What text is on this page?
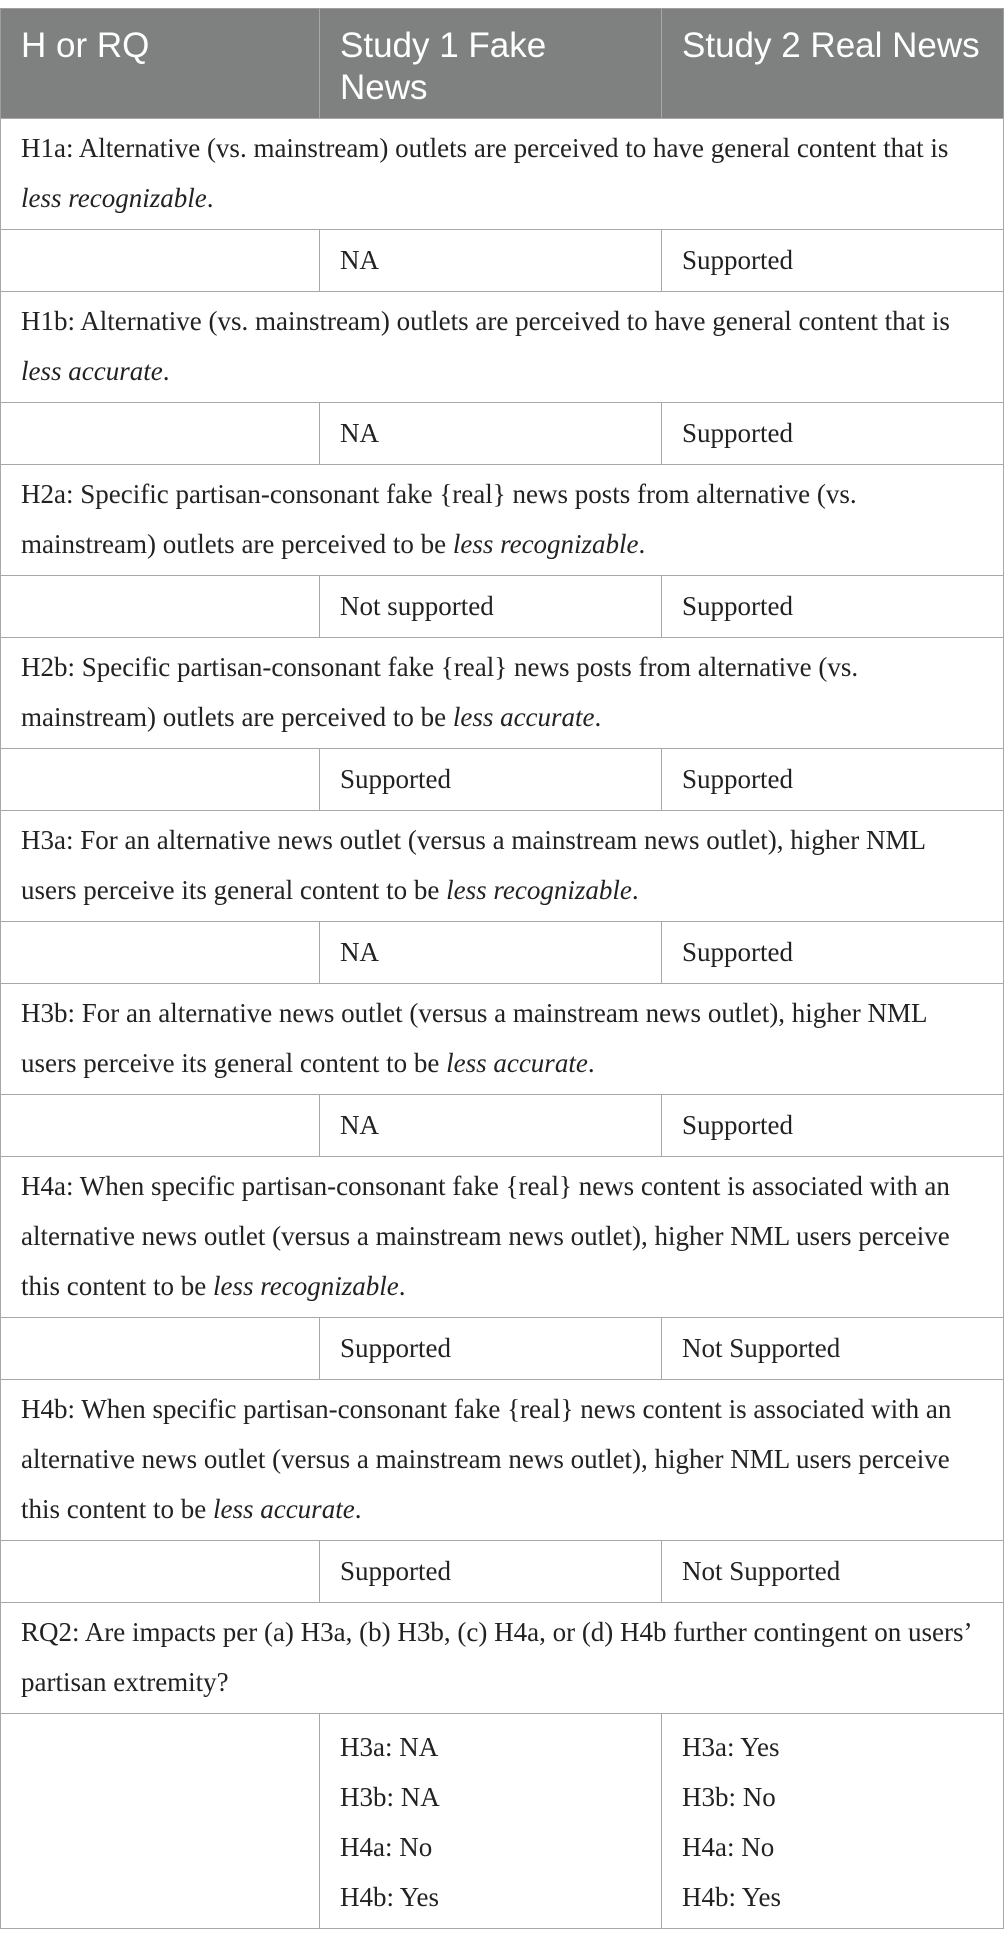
H or RQ	Study 1 Fake News	Study 2 Real News
H1a: Alternative (vs. mainstream) outlets are perceived to have general content that is less recognizable.		
	NA	Supported
H1b: Alternative (vs. mainstream) outlets are perceived to have general content that is less accurate.		
	NA	Supported
H2a: Specific partisan-consonant fake {real} news posts from alternative (vs. mainstream) outlets are perceived to be less recognizable.		
	Not supported	Supported
H2b: Specific partisan-consonant fake {real} news posts from alternative (vs. mainstream) outlets are perceived to be less accurate.		
	Supported	Supported
H3a: For an alternative news outlet (versus a mainstream news outlet), higher NML users perceive its general content to be less recognizable.		
	NA	Supported
H3b: For an alternative news outlet (versus a mainstream news outlet), higher NML users perceive its general content to be less accurate.		
	NA	Supported
H4a: When specific partisan-consonant fake {real} news content is associated with an alternative news outlet (versus a mainstream news outlet), higher NML users perceive this content to be less recognizable.		
	Supported	Not Supported
H4b: When specific partisan-consonant fake {real} news content is associated with an alternative news outlet (versus a mainstream news outlet), higher NML users perceive this content to be less accurate.		
	Supported	Not Supported
RQ2: Are impacts per (a) H3a, (b) H3b, (c) H4a, or (d) H4b further contingent on users’ partisan extremity?		

	H3a: NA
H3b: NA
H4a: No
H4b: Yes	H3a: Yes
H3b: No
H4a: No
H4b: Yes
